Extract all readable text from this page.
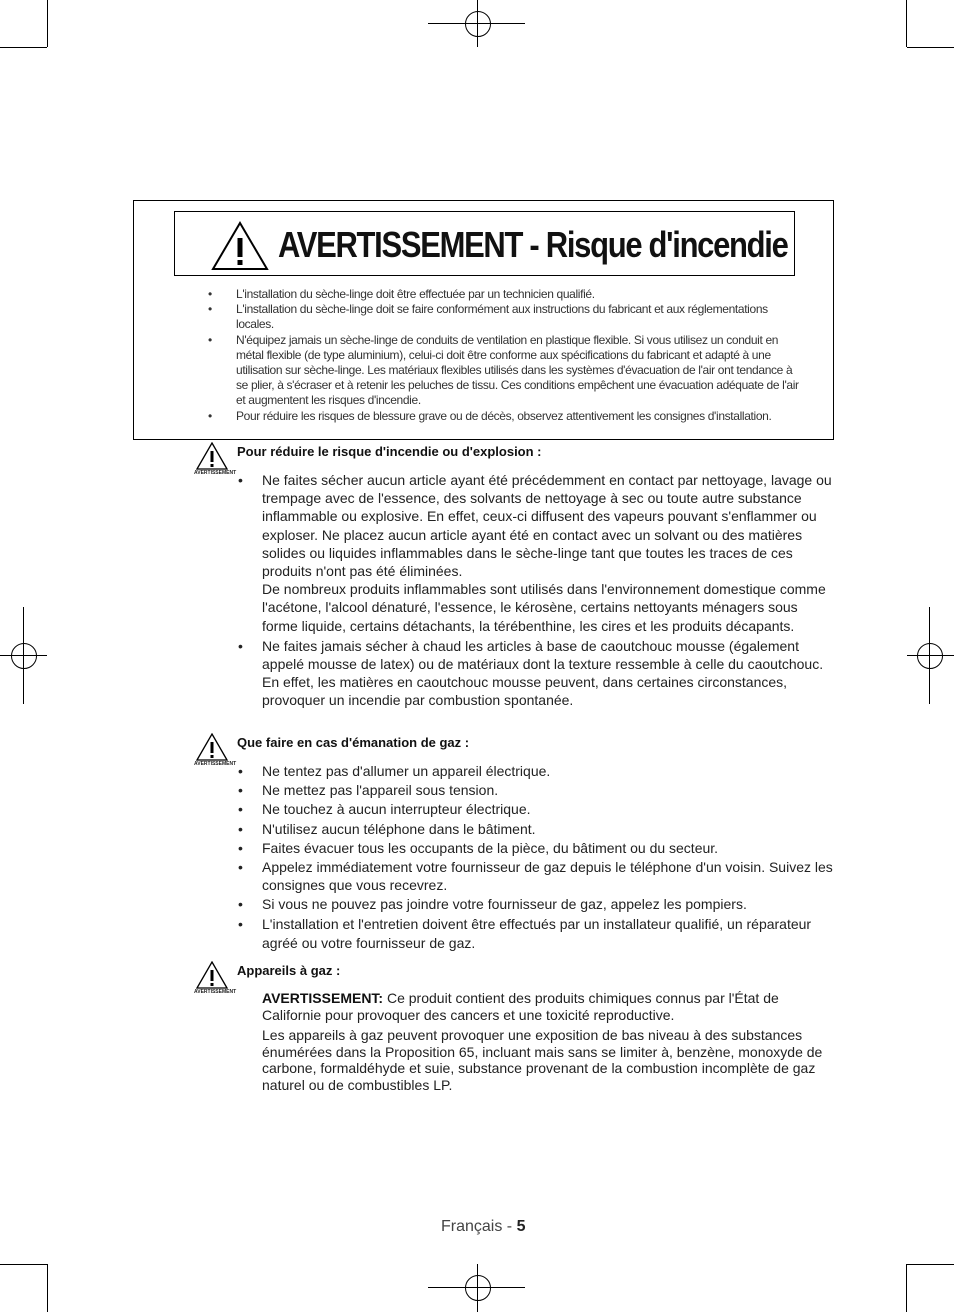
AVERTISSEMENT - Risque d'incendie
• L'installation du sèche-linge doit être effectuée par un technicien qualifié.
• L'installation du sèche-linge doit se faire conformément aux instructions du fabricant et aux réglementations locales.
• N'équipez jamais un sèche-linge de conduits de ventilation en plastique flexible. Si vous utilisez un conduit en métal flexible (de type aluminium), celui-ci doit être conforme aux spécifications du fabricant et adapté à une utilisation sur sèche-linge. Les matériaux flexibles utilisés dans les systèmes d'évacuation de l'air ont tendance à se plier, à s'écraser et à retenir les peluches de tissu. Ces conditions empêchent une évacuation adéquate de l'air et augmentent les risques d'incendie.
• Pour réduire les risques de blessure grave ou de décès, observez attentivement les consignes d'installation.
AVERTISSEMENT
Pour réduire le risque d'incendie ou d'explosion :
• Ne faites sécher aucun article ayant été précédemment en contact par nettoyage, lavage ou trempage avec de l'essence, des solvants de nettoyage à sec ou toute autre substance inflammable ou explosive. En effet, ceux-ci diffusent des vapeurs pouvant s'enflammer ou exploser. Ne placez aucun article ayant été en contact avec un solvant ou des matières solides ou liquides inflammables dans le sèche-linge tant que toutes les traces de ces produits n'ont pas été éliminées.
De nombreux produits inflammables sont utilisés dans l'environnement domestique comme l'acétone, l'alcool dénaturé, l'essence, le kérosène, certains nettoyants ménagers sous forme liquide, certains détachants, la térébenthine, les cires et les produits décapants.
• Ne faites jamais sécher à chaud les articles à base de caoutchouc mousse (également appelé mousse de latex) ou de matériaux dont la texture ressemble à celle du caoutchouc. En effet, les matières en caoutchouc mousse peuvent, dans certaines circonstances, provoquer un incendie par combustion spontanée.
AVERTISSEMENT
Que faire en cas d'émanation de gaz :
• Ne tentez pas d'allumer un appareil électrique.
• Ne mettez pas l'appareil sous tension.
• Ne touchez à aucun interrupteur électrique.
• N'utilisez aucun téléphone dans le bâtiment.
• Faites évacuer tous les occupants de la pièce, du bâtiment ou du secteur.
• Appelez immédiatement votre fournisseur de gaz depuis le téléphone d'un voisin. Suivez les consignes que vous recevrez.
• Si vous ne pouvez pas joindre votre fournisseur de gaz, appelez les pompiers.
• L'installation et l'entretien doivent être effectués par un installateur qualifié, un réparateur agréé ou votre fournisseur de gaz.
AVERTISSEMENT
Appareils à gaz :
AVERTISSEMENT: Ce produit contient des produits chimiques connus par l'État de Californie pour provoquer des cancers et une toxicité reproductive.
Les appareils à gaz peuvent provoquer une exposition de bas niveau à des substances énumérées dans la Proposition 65, incluant mais sans se limiter à, benzène, monoxyde de carbone, formaldéhyde et suie, substance provenant de la combustion incomplète de gaz naturel ou de combustibles LP.
Français - 5
